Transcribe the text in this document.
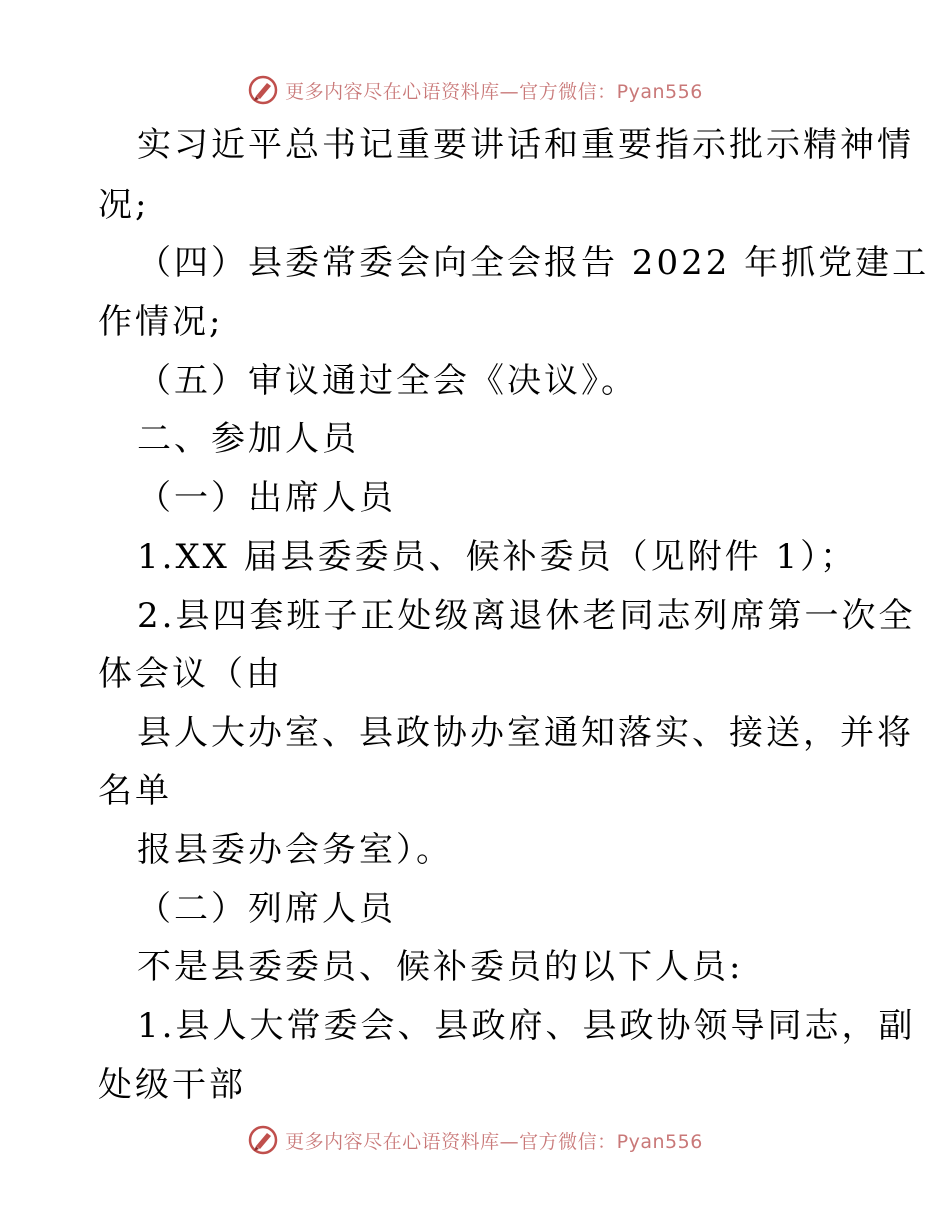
更多内容尽在心语资料库—官方微信：Pyan556
实习近平总书记重要讲话和重要指示批示精神情
况;
（四）县委常委会向全会报告 2022 年抓党建工
作情况;
（五）审议通过全会《决议》。
二、参加人员
（一）出席人员
1.XX 届县委委员、候补委员（见附件 1）；
2.县四套班子正处级离退休老同志列席第一次全
体会议（由
县人大办室、县政协办室通知落实、接送，并将
名单
报县委办会务室）。
（二）列席人员
不是县委委员、候补委员的以下人员:
1.县人大常委会、县政府、县政协领导同志，副
处级干部
更多内容尽在心语资料库—官方微信：Pyan556
